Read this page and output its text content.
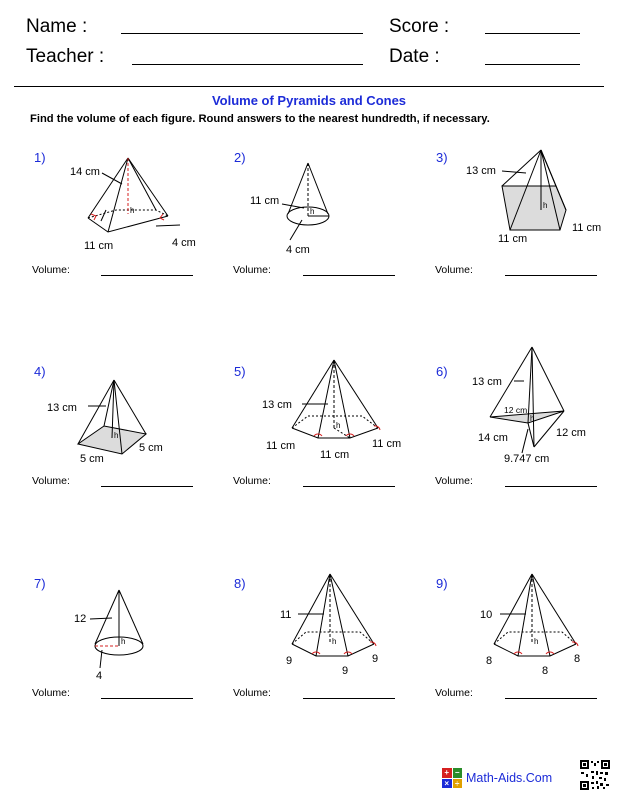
Name :	Score :
Teacher :	Date :
Volume of Pyramids and Cones
Find the volume of each figure. Round answers to the nearest hundredth, if necessary.
1)
h
14 cm
11 cm	4 cm
2)
h
11 cm
4 cm
3)
h
13 cm
11 cm
11 cm
Volume:	Volume:	Volume:
4)
h
13 cm
5 cm
5 cm
5)
h
13 cm
11 cm
11 cm
11 cm
6)
h
13 cm
12 cm
14 cm	12 cm
9.747 cm
Volume:	Volume:	Volume:
7)
h
12
4
8)
h
11
9
9
9
9)
h
10
8
8
8
Volume:	Volume:	Volume:
+ −
× ÷ Math-Aids.Com
